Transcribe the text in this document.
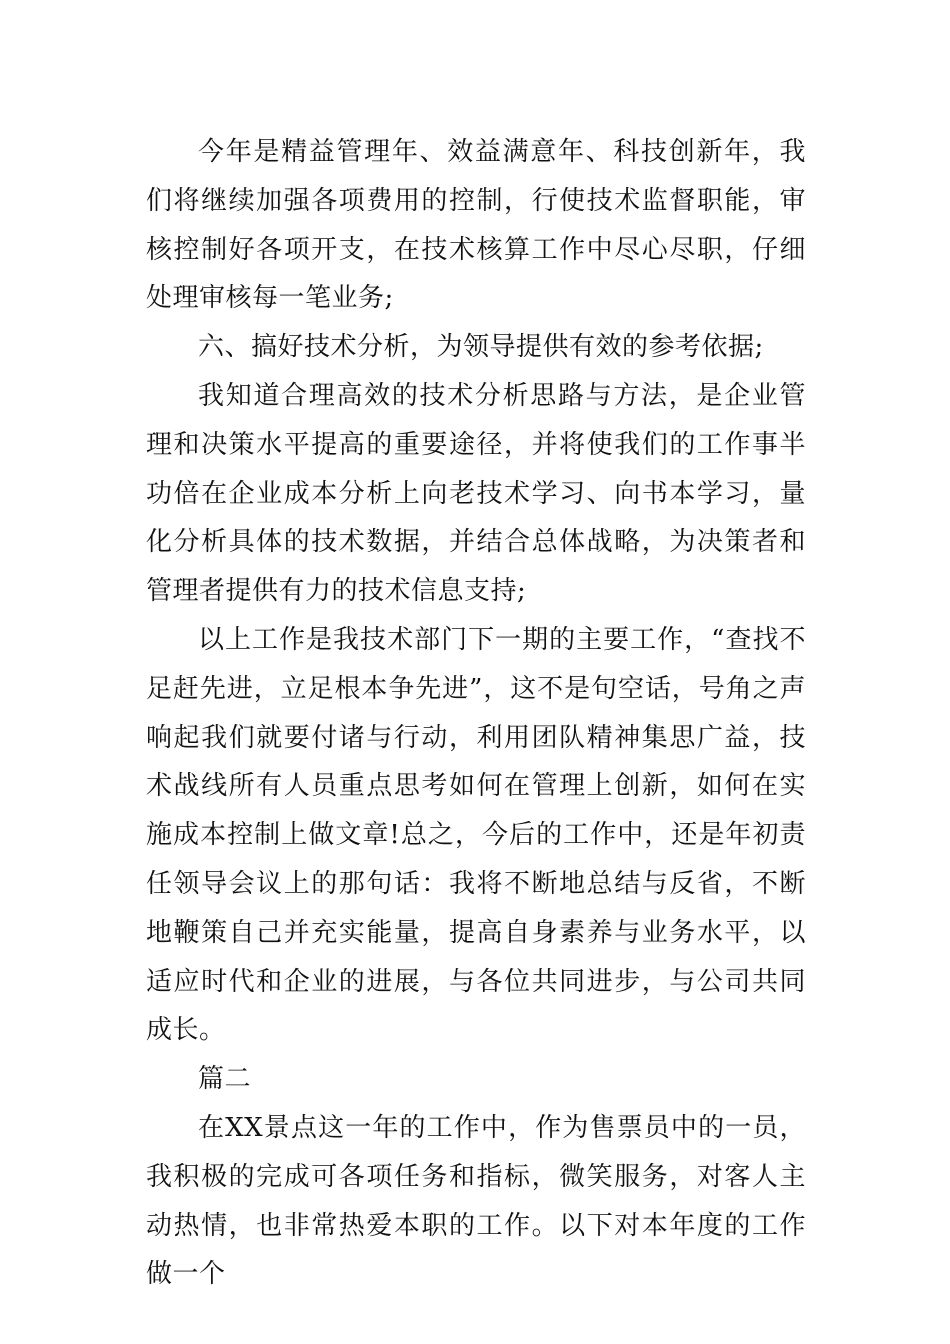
今年是精益管理年、效益满意年、科技创新年，我们将继续加强各项费用的控制，行使技术监督职能，审核控制好各项开支，在技术核算工作中尽心尽职，仔细处理审核每一笔业务;

六、搞好技术分析，为领导提供有效的参考依据;

我知道合理高效的技术分析思路与方法，是企业管理和决策水平提高的重要途径，并将使我们的工作事半功倍在企业成本分析上向老技术学习、向书本学习，量化分析具体的技术数据，并结合总体战略，为决策者和管理者提供有力的技术信息支持;

以上工作是我技术部门下一期的主要工作，“查找不足赶先进，立足根本争先进”，这不是句空话，号角之声响起我们就要付诸与行动，利用团队精神集思广益，技术战线所有人员重点思考如何在管理上创新，如何在实施成本控制上做文章!总之，今后的工作中，还是年初责任领导会议上的那句话：我将不断地总结与反省，不断地鞭策自己并充实能量，提高自身素养与业务水平，以适应时代和企业的进展，与各位共同进步，与公司共同成长。

篇二

在XX景点这一年的工作中，作为售票员中的一员，我积极的完成可各项任务和指标，微笑服务，对客人主动热情，也非常热爱本职的工作。以下对本年度的工作做一个
